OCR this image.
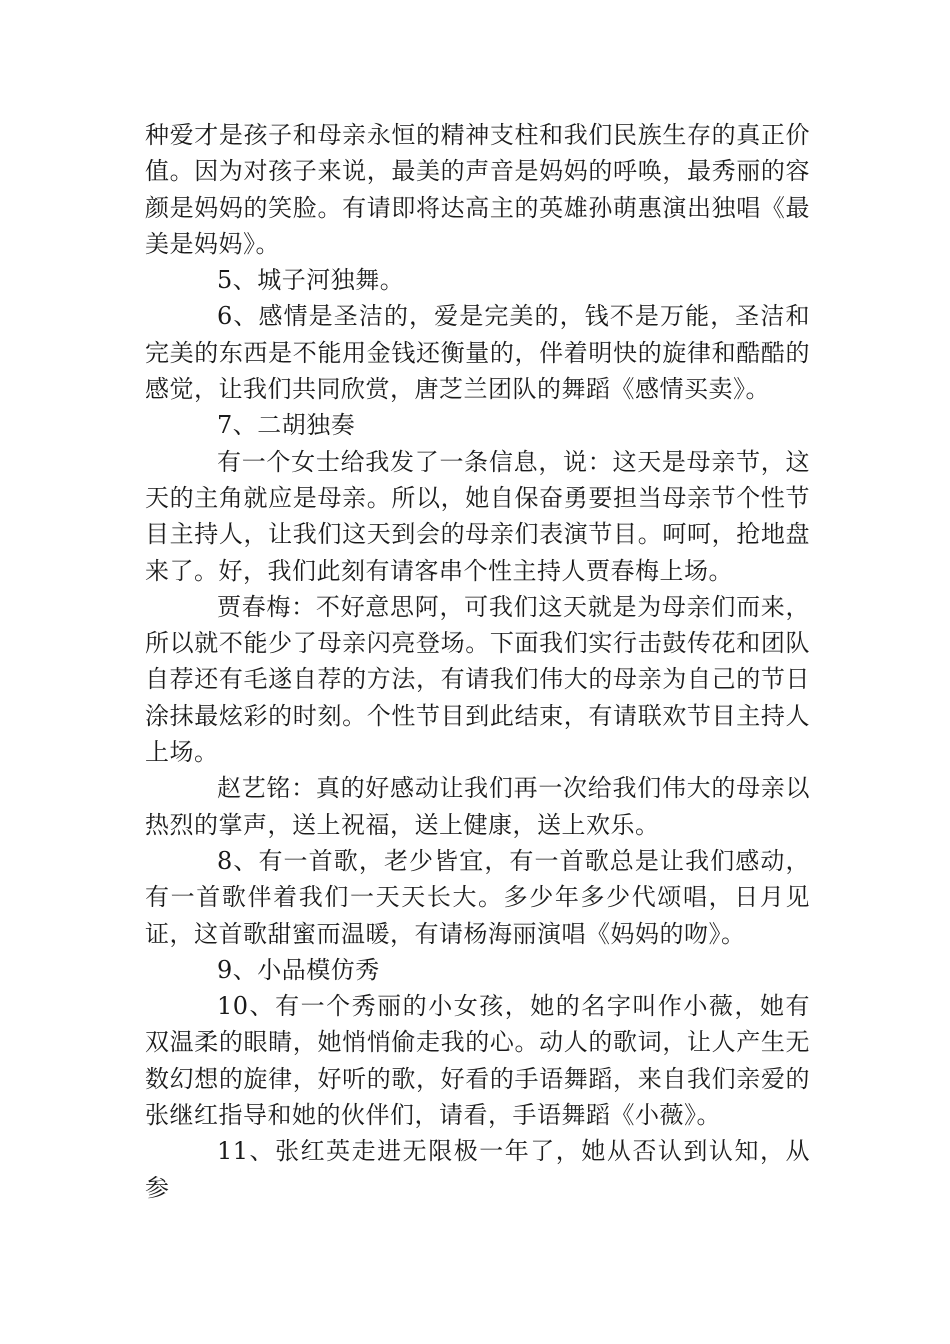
种爱才是孩子和母亲永恒的精神支柱和我们民族生存的真正价值。因为对孩子来说，最美的声音是妈妈的呼唤，最秀丽的容颜是妈妈的笑脸。有请即将达高主的英雄孙萌惠演出独唱《最美是妈妈》。

5、城子河独舞。

6、感情是圣洁的，爱是完美的，钱不是万能，圣洁和完美的东西是不能用金钱还衡量的，伴着明快的旋律和酷酷的感觉，让我们共同欣赏，唐芝兰团队的舞蹈《感情买卖》。

7、二胡独奏

有一个女士给我发了一条信息，说：这天是母亲节，这天的主角就应是母亲。所以，她自保奋勇要担当母亲节个性节目主持人，让我们这天到会的母亲们表演节目。呵呵，抢地盘来了。好，我们此刻有请客串个性主持人贾春梅上场。

贾春梅：不好意思阿，可我们这天就是为母亲们而来，所以就不能少了母亲闪亮登场。下面我们实行击鼓传花和团队自荐还有毛遂自荐的方法，有请我们伟大的母亲为自己的节日涂抹最炫彩的时刻。个性节目到此结束，有请联欢节目主持人上场。

赵艺铭：真的好感动让我们再一次给我们伟大的母亲以热烈的掌声，送上祝福，送上健康，送上欢乐。

8、有一首歌，老少皆宜，有一首歌总是让我们感动，有一首歌伴着我们一天天长大。多少年多少代颂唱，日月见证，这首歌甜蜜而温暖，有请杨海丽演唱《妈妈的吻》。

9、小品模仿秀

10、有一个秀丽的小女孩，她的名字叫作小薇，她有双温柔的眼睛，她悄悄偷走我的心。动人的歌词，让人产生无数幻想的旋律，好听的歌，好看的手语舞蹈，来自我们亲爱的张继红指导和她的伙伴们，请看，手语舞蹈《小薇》。

11、张红英走进无限极一年了，她从否认到认知，从参
